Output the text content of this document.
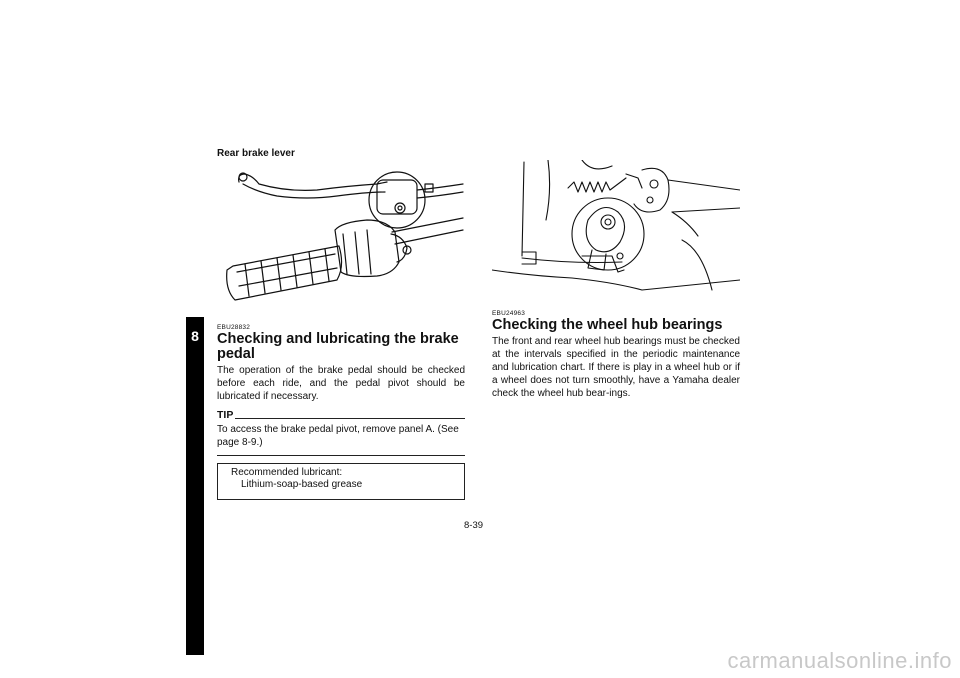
8

Rear brake lever

EBU28832

Checking and lubricating the brake pedal

The operation of the brake pedal should be checked before each ride, and the pedal pivot should be lubricated if necessary.

TIP

To access the brake pedal pivot, remove panel A. (See page 8-9.)

Recommended lubricant:
Lithium-soap-based grease

EBU24963

Checking the wheel hub bearings

The front and rear wheel hub bearings must be checked at the intervals specified in the periodic maintenance and lubrication chart. If there is play in a wheel hub or if a wheel does not turn smoothly, have a Yamaha dealer check the wheel hub bear-ings.

8-39
carmanualsonline.info
